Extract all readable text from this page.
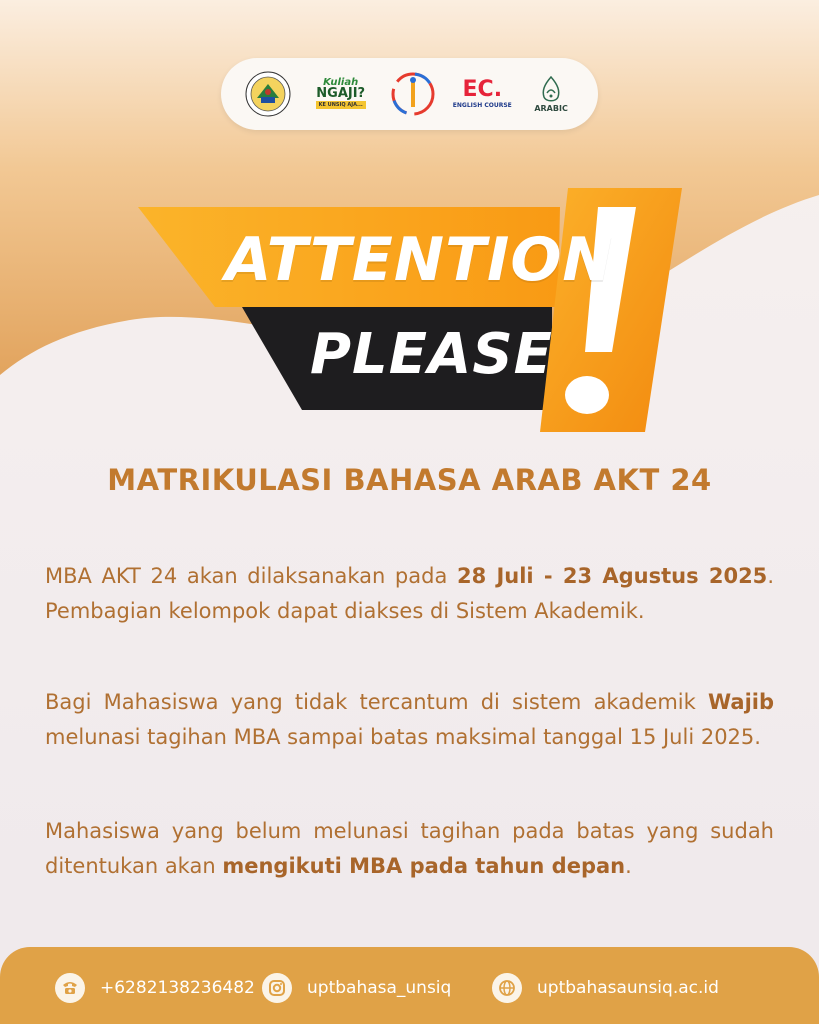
Kuliah
NGAJI?
KE UNSIQ AJA...
EC.
ENGLISH COURSE	ARABIC
ATTENTION
PLEASE
MATRIKULASI BAHASA ARAB AKT 24
MBA AKT 24 akan dilaksanakan pada 28 Juli - 23 Agustus 2025. Pembagian kelompok dapat diakses di Sistem Akademik.
Bagi Mahasiswa yang tidak tercantum di sistem akademik Wajib melunasi tagihan MBA sampai batas maksimal tanggal 15 Juli 2025.
Mahasiswa yang belum melunasi tagihan pada batas yang sudah ditentukan akan mengikuti MBA pada tahun depan.
+6282138236482	uptbahasa_unsiq	uptbahasaunsiq.ac.id
